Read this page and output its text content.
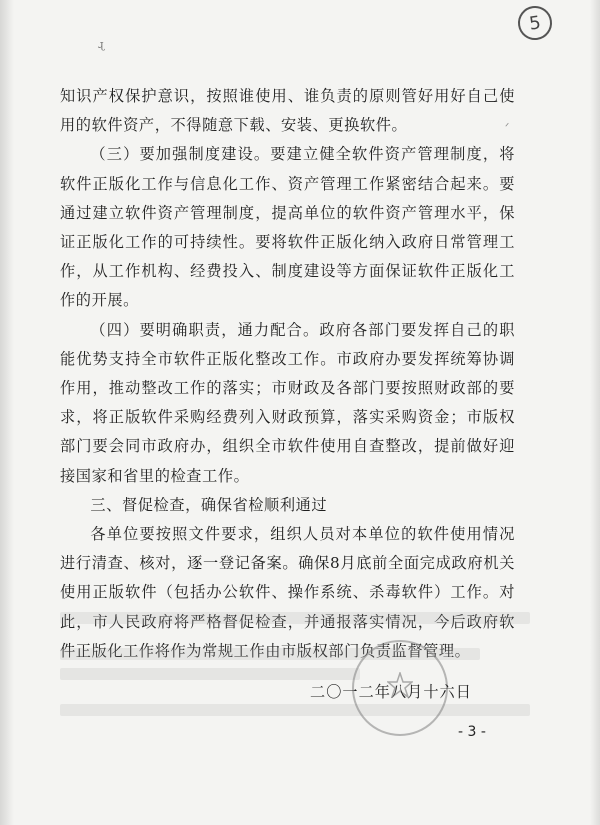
5
ɻ
ᐟ

知识产权保护意识，按照谁使用、谁负责的原则管好用好自己使用的软件资产，不得随意下载、安装、更换软件。

（三）要加强制度建设。要建立健全软件资产管理制度，将软件正版化工作与信息化工作、资产管理工作紧密结合起来。要通过建立软件资产管理制度，提高单位的软件资产管理水平，保证正版化工作的可持续性。要将软件正版化纳入政府日常管理工作，从工作机构、经费投入、制度建设等方面保证软件正版化工作的开展。

（四）要明确职责，通力配合。政府各部门要发挥自己的职能优势支持全市软件正版化整改工作。市政府办要发挥统筹协调作用，推动整改工作的落实；市财政及各部门要按照财政部的要求，将正版软件采购经费列入财政预算，落实采购资金；市版权部门要会同市政府办，组织全市软件使用自查整改，提前做好迎接国家和省里的检查工作。

三、督促检查，确保省检顺利通过

各单位要按照文件要求，组织人员对本单位的软件使用情况进行清查、核对，逐一登记备案。确保8月底前全面完成政府机关使用正版软件（包括办公软件、操作系统、杀毒软件）工作。对此，市人民政府将严格督促检查，并通报落实情况，今后政府软件正版化工作将作为常规工作由市版权部门负责监督管理。

二〇一二年八月十六日
- 3 -
